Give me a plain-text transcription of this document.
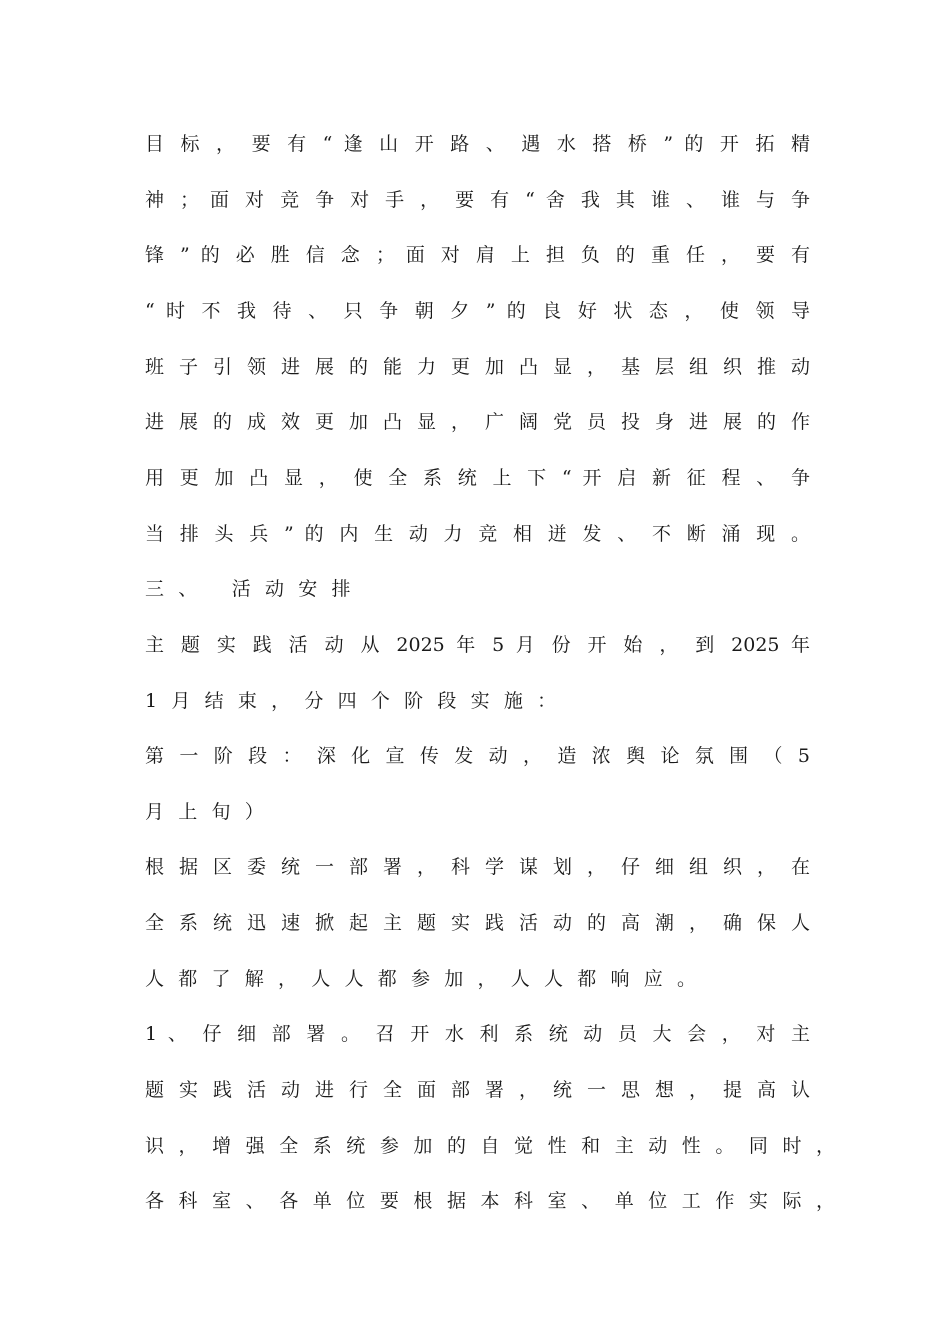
目 标 ， 要 有 “ 逢 山 开 路 、 遇 水 搭 桥 ” 的 开 拓 精

神 ； 面 对 竞 争 对 手 ， 要 有 “ 舍 我 其 谁 、 谁 与 争

锋 ” 的 必 胜 信 念 ； 面 对 肩 上 担 负 的 重 任 ， 要 有

“ 时 不 我 待 、 只 争 朝 夕 ” 的 良 好 状 态 ， 使 领 导

班 子 引 领 进 展 的 能 力 更 加 凸 显 ， 基 层 组 织 推 动

进 展 的 成 效 更 加 凸 显 ， 广 阔 党 员 投 身 进 展 的 作

用 更 加 凸 显 ， 使 全 系 统 上 下 “ 开 启 新 征 程 、 争

当 排 头 兵 ” 的 内 生 动 力 竞 相 迸 发 、 不 断 涌 现 。

三、 活动安排

主 题 实 践 活 动 从 2025 年 5 月 份 开 始 ， 到 2025 年

1月结束，分四个阶段实施：

第 一 阶 段 ： 深 化 宣 传 发 动 ， 造 浓 舆 论 氛 围 （ 5

月上旬）

根 据 区 委 统 一 部 署 ， 科 学 谋 划 ， 仔 细 组 织 ， 在

全 系 统 迅 速 掀 起 主 题 实 践 活 动 的 高 潮 ， 确 保 人

人都了解，人人都参加，人人都响应。

1 、 仔 细 部 署 。 召 开 水 利 系 统 动 员 大 会 ， 对 主

题 实 践 活 动 进 行 全 面 部 署 ， 统 一 思 想 ， 提 高 认

识 ， 增 强 全 系 统 参 加 的 自 觉 性 和 主 动 性 。 同 时 ，

各 科 室 、 各 单 位 要 根 据 本 科 室 、 单 位 工 作 实 际 ，
